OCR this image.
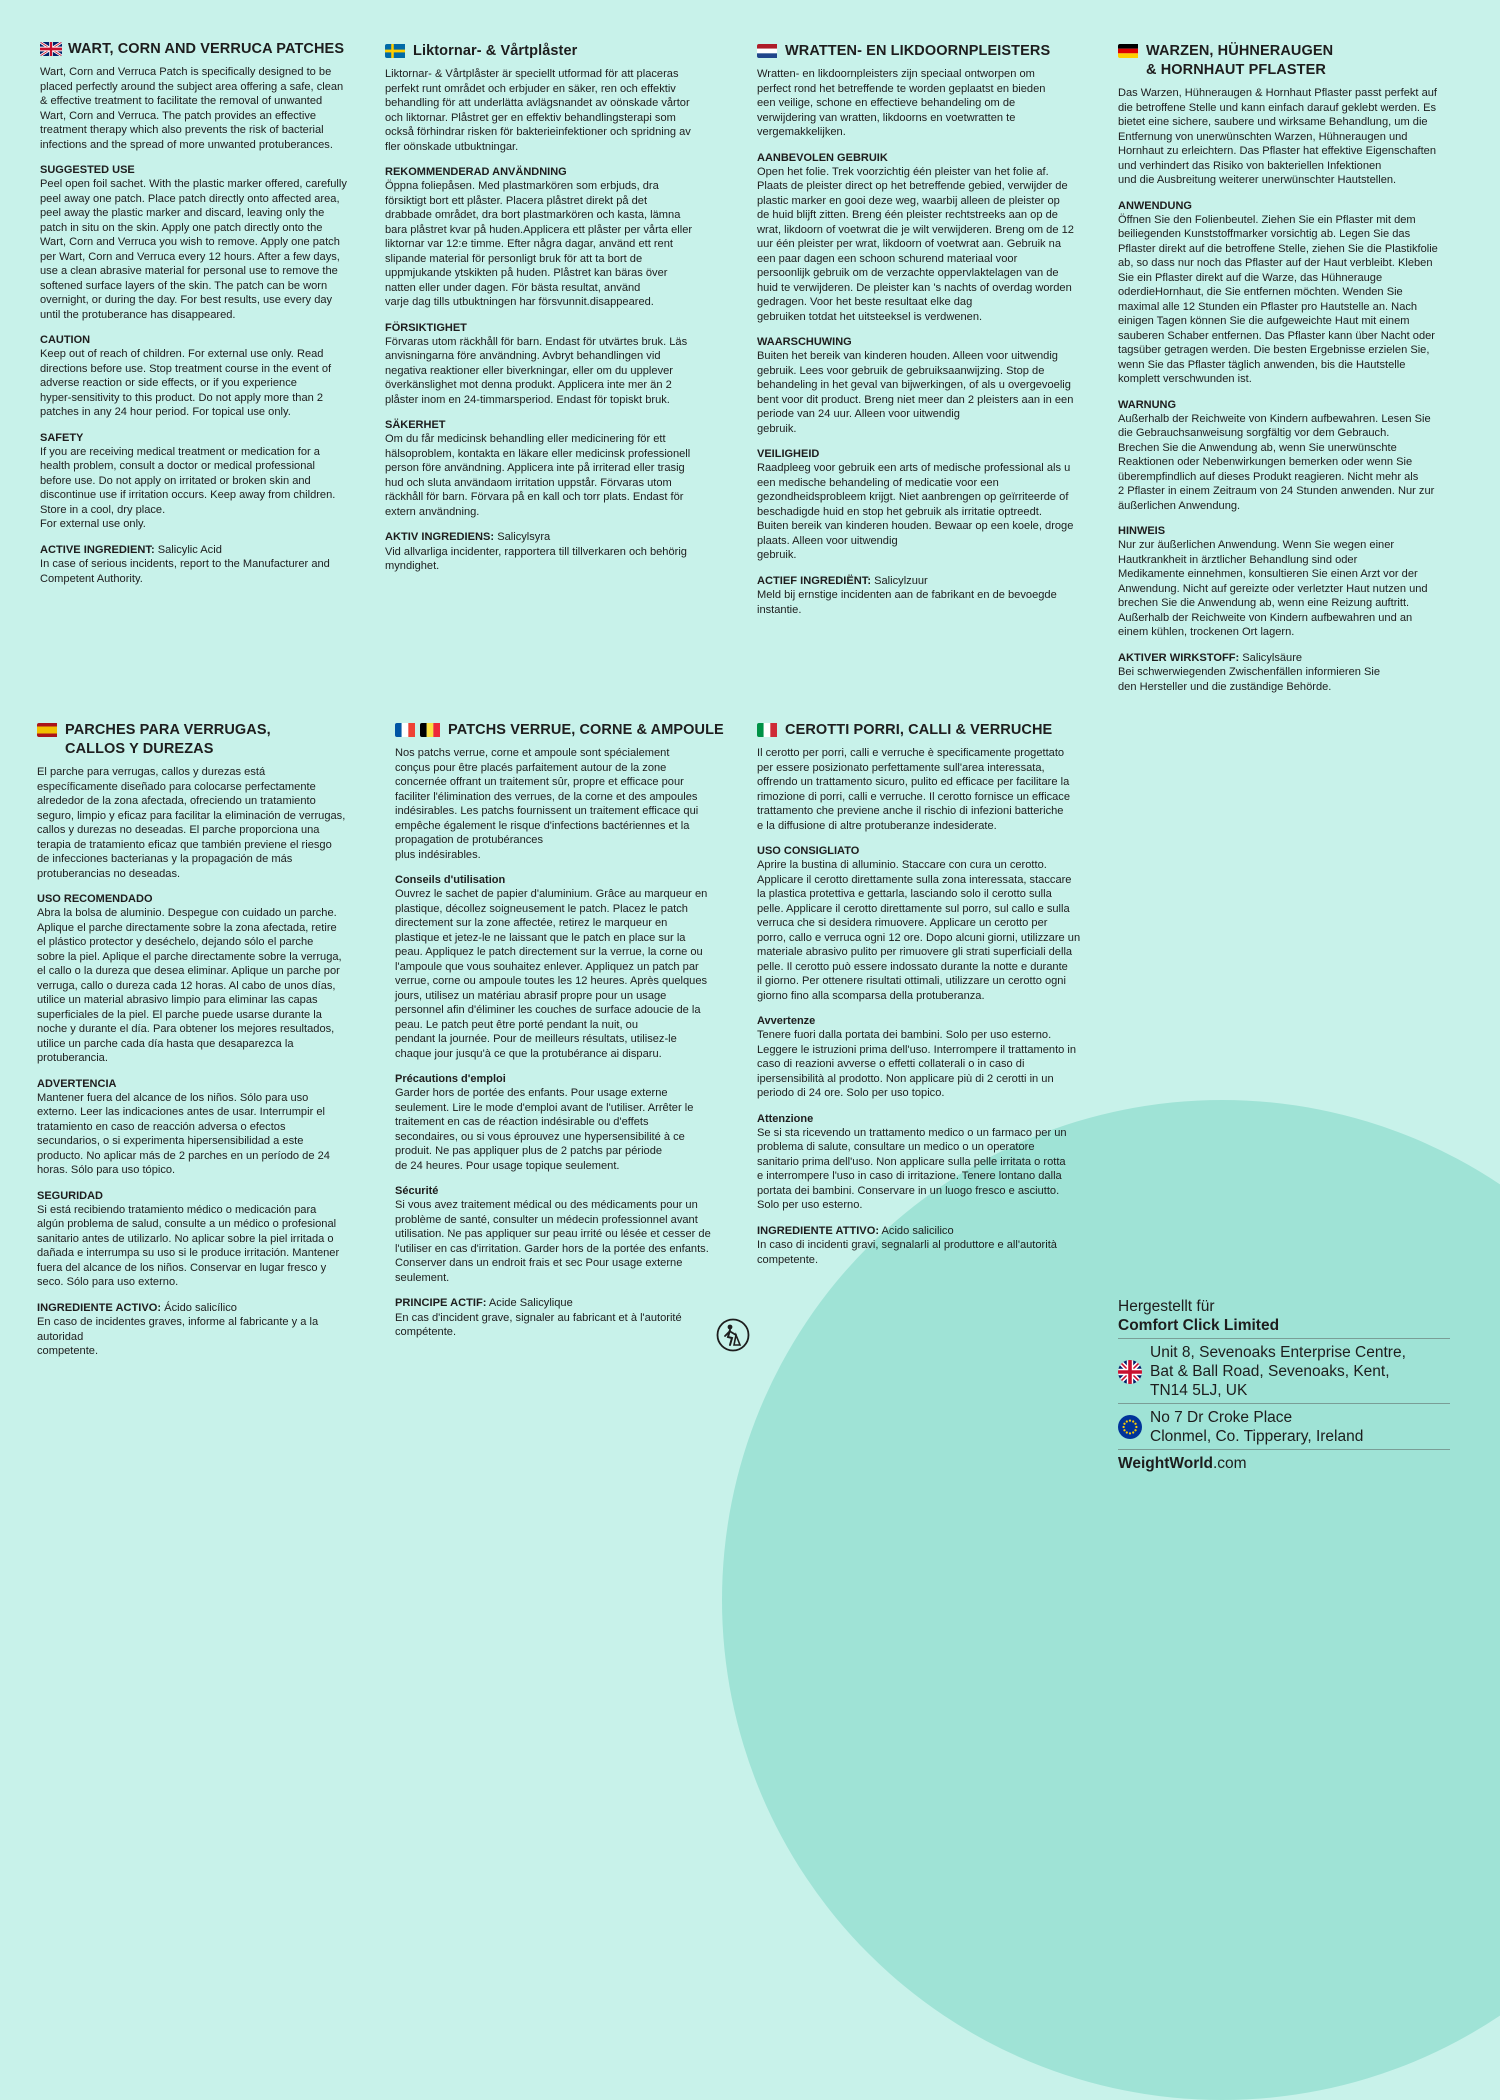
WART, CORN AND VERRUCA PATCHES

Wart, Corn and Verruca Patch is specifically designed to be
placed perfectly around the subject area offering a safe, clean
& effective treatment to facilitate the removal of unwanted
Wart, Corn and Verruca. The patch provides an effective
treatment therapy which also prevents the risk of bacterial
infections and the spread of more unwanted protuberances.

SUGGESTED USE

Peel open foil sachet. With the plastic marker offered, carefully
peel away one patch. Place patch directly onto affected area,
peel away the plastic marker and discard, leaving only the
patch in situ on the skin. Apply one patch directly onto the
Wart, Corn and Verruca you wish to remove. Apply one patch
per Wart, Corn and Verruca every 12 hours. After a few days,
use a clean abrasive material for personal use to remove the
softened surface layers of the skin. The patch can be worn
overnight, or during the day. For best results, use every day
until the protuberance has disappeared.

CAUTION

Keep out of reach of children. For external use only. Read
directions before use. Stop treatment course in the event of
adverse reaction or side effects, or if you experience
hyper-sensitivity to this product. Do not apply more than 2
patches in any 24 hour period. For topical use only.

SAFETY

If you are receiving medical treatment or medication for a
health problem, consult a doctor or medical professional
before use. Do not apply on irritated or broken skin and
discontinue use if irritation occurs. Keep away from children.
Store in a cool, dry place.
For external use only.

ACTIVE INGREDIENT: Salicylic Acid

In case of serious incidents, report to the Manufacturer and
Competent Authority.

Liktornar- & Vårtplåster

Liktornar- & Vårtplåster är speciellt utformad för att placeras
perfekt runt området och erbjuder en säker, ren och effektiv
behandling för att underlätta avlägsnandet av oönskade vårtor
och liktornar. Plåstret ger en effektiv behandlingsterapi som
också förhindrar risken för bakterieinfektioner och spridning av
fler oönskade utbuktningar.

REKOMMENDERAD ANVÄNDNING

Öppna foliepåsen. Med plastmarkören som erbjuds, dra
försiktigt bort ett plåster. Placera plåstret direkt på det
drabbade området, dra bort plastmarkören och kasta, lämna
bara plåstret kvar på huden.Applicera ett plåster per vårta eller
liktornar var 12:e timme. Efter några dagar, använd ett rent
slipande material för personligt bruk för att ta bort de
uppmjukande ytskikten på huden. Plåstret kan bäras över
natten eller under dagen. För bästa resultat, använd
varje dag tills utbuktningen har försvunnit.disappeared.

FÖRSIKTIGHET

Förvaras utom räckhåll för barn. Endast för utvärtes bruk. Läs
anvisningarna före användning. Avbryt behandlingen vid
negativa reaktioner eller biverkningar, eller om du upplever
överkänslighet mot denna produkt. Applicera inte mer än 2
plåster inom en 24-timmarsperiod. Endast för topiskt bruk.

SÄKERHET

Om du får medicinsk behandling eller medicinering för ett
hälsoproblem, kontakta en läkare eller medicinsk professionell
person före användning. Applicera inte på irriterad eller trasig
hud och sluta användaom irritation uppstår. Förvaras utom
räckhåll för barn. Förvara på en kall och torr plats. Endast för
extern användning.

AKTIV INGREDIENS: Salicylsyra

Vid allvarliga incidenter, rapportera till tillverkaren och behörig
myndighet.

WRATTEN- EN LIKDOORNPLEISTERS

Wratten- en likdoornpleisters zijn speciaal ontworpen om
perfect rond het betreffende te worden geplaatst en bieden
een veilige, schone en effectieve behandeling om de
verwijdering van wratten, likdoorns en voetwratten te
vergemakkelijken.

AANBEVOLEN GEBRUIK

Open het folie. Trek voorzichtig één pleister van het folie af.
Plaats de pleister direct op het betreffende gebied, verwijder de
plastic marker en gooi deze weg, waarbij alleen de pleister op
de huid blijft zitten. Breng één pleister rechtstreeks aan op de
wrat, likdoorn of voetwrat die je wilt verwijderen. Breng om de 12
uur één pleister per wrat, likdoorn of voetwrat aan. Gebruik na
een paar dagen een schoon schurend materiaal voor
persoonlijk gebruik om de verzachte oppervlaktelagen van de
huid te verwijderen. De pleister kan 's nachts of overdag worden
gedragen. Voor het beste resultaat elke dag
gebruiken totdat het uitsteeksel is verdwenen.

WAARSCHUWING

Buiten het bereik van kinderen houden. Alleen voor uitwendig
gebruik. Lees voor gebruik de gebruiksaanwijzing. Stop de
behandeling in het geval van bijwerkingen, of als u overgevoelig
bent voor dit product. Breng niet meer dan 2 pleisters aan in een
periode van 24 uur. Alleen voor uitwendig
gebruik.

VEILIGHEID

Raadpleeg voor gebruik een arts of medische professional als u
een medische behandeling of medicatie voor een
gezondheidsprobleem krijgt. Niet aanbrengen op geïrriteerde of
beschadigde huid en stop het gebruik als irritatie optreedt.
Buiten bereik van kinderen houden. Bewaar op een koele, droge
plaats. Alleen voor uitwendig
gebruik.

ACTIEF INGREDIËNT: Salicylzuur

Meld bij ernstige incidenten aan de fabrikant en de bevoegde
instantie.

WARZEN, HÜHNERAUGEN
& HORNHAUT PFLASTER

Das Warzen, Hühneraugen & Hornhaut Pflaster passt perfekt auf
die betroffene Stelle und kann einfach darauf geklebt werden. Es
bietet eine sichere, saubere und wirksame Behandlung, um die
Entfernung von unerwünschten Warzen, Hühneraugen und
Hornhaut zu erleichtern. Das Pflaster hat effektive Eigenschaften
und verhindert das Risiko von bakteriellen Infektionen
und die Ausbreitung weiterer unerwünschter Hautstellen.

ANWENDUNG

Öffnen Sie den Folienbeutel. Ziehen Sie ein Pflaster mit dem
beiliegenden Kunststoffmarker vorsichtig ab. Legen Sie das
Pflaster direkt auf die betroffene Stelle, ziehen Sie die Plastikfolie
ab, so dass nur noch das Pflaster auf der Haut verbleibt. Kleben
Sie ein Pflaster direkt auf die Warze, das Hühnerauge
oderdieHornhaut, die Sie entfernen möchten. Wenden Sie
maximal alle 12 Stunden ein Pflaster pro Hautstelle an. Nach
einigen Tagen können Sie die aufgeweichte Haut mit einem
sauberen Schaber entfernen. Das Pflaster kann über Nacht oder
tagsüber getragen werden. Die besten Ergebnisse erzielen Sie,
wenn Sie das Pflaster täglich anwenden, bis die Hautstelle
komplett verschwunden ist.

WARNUNG

Außerhalb der Reichweite von Kindern aufbewahren. Lesen Sie
die Gebrauchsanweisung sorgfältig vor dem Gebrauch.
Brechen Sie die Anwendung ab, wenn Sie unerwünschte
Reaktionen oder Nebenwirkungen bemerken oder wenn Sie
überempfindlich auf dieses Produkt reagieren. Nicht mehr als
2 Pflaster in einem Zeitraum von 24 Stunden anwenden. Nur zur
äußerlichen Anwendung.

HINWEIS

Nur zur äußerlichen Anwendung. Wenn Sie wegen einer
Hautkrankheit in ärztlicher Behandlung sind oder
Medikamente einnehmen, konsultieren Sie einen Arzt vor der
Anwendung. Nicht auf gereizte oder verletzter Haut nutzen und
brechen Sie die Anwendung ab, wenn eine Reizung auftritt.
Außerhalb der Reichweite von Kindern aufbewahren und an
einem kühlen, trockenen Ort lagern.

AKTIVER WIRKSTOFF: Salicylsäure

Bei schwerwiegenden Zwischenfällen informieren Sie
den Hersteller und die zuständige Behörde.

PARCHES PARA VERRUGAS,
CALLOS Y DUREZAS

El parche para verrugas, callos y durezas está
específicamente diseñado para colocarse perfectamente
alrededor de la zona afectada, ofreciendo un tratamiento
seguro, limpio y eficaz para facilitar la eliminación de verrugas,
callos y durezas no deseadas. El parche proporciona una
terapia de tratamiento eficaz que también previene el riesgo
de infecciones bacterianas y la propagación de más
protuberancias no deseadas.

USO RECOMENDADO

Abra la bolsa de aluminio. Despegue con cuidado un parche.
Aplique el parche directamente sobre la zona afectada, retire
el plástico protector y deséchelo, dejando sólo el parche
sobre la piel. Aplique el parche directamente sobre la verruga,
el callo o la dureza que desea eliminar. Aplique un parche por
verruga, callo o dureza cada 12 horas. Al cabo de unos días,
utilice un material abrasivo limpio para eliminar las capas
superficiales de la piel. El parche puede usarse durante la
noche y durante el día. Para obtener los mejores resultados,
utilice un parche cada día hasta que desaparezca la
protuberancia.

ADVERTENCIA

Mantener fuera del alcance de los niños. Sólo para uso
externo. Leer las indicaciones antes de usar. Interrumpir el
tratamiento en caso de reacción adversa o efectos
secundarios, o si experimenta hipersensibilidad a este
producto. No aplicar más de 2 parches en un período de 24
horas. Sólo para uso tópico.

SEGURIDAD

Si está recibiendo tratamiento médico o medicación para
algún problema de salud, consulte a un médico o profesional
sanitario antes de utilizarlo. No aplicar sobre la piel irritada o
dañada e interrumpa su uso si le produce irritación. Mantener
fuera del alcance de los niños. Conservar en lugar fresco y
seco. Sólo para uso externo.

INGREDIENTE ACTIVO: Ácido salicílico

En caso de incidentes graves, informe al fabricante y a la
autoridad
competente.

PATCHS VERRUE, CORNE & AMPOULE

Nos patchs verrue, corne et ampoule sont spécialement
conçus pour être placés parfaitement autour de la zone
concernée offrant un traitement sûr, propre et efficace pour
faciliter l'élimination des verrues, de la corne et des ampoules
indésirables. Les patchs fournissent un traitement efficace qui
empêche également le risque d'infections bactériennes et la
propagation de protubérances
plus indésirables.

Conseils d'utilisation

Ouvrez le sachet de papier d'aluminium. Grâce au marqueur en
plastique, décollez soigneusement le patch. Placez le patch
directement sur la zone affectée, retirez le marqueur en
plastique et jetez-le ne laissant que le patch en place sur la
peau. Appliquez le patch directement sur la verrue, la corne ou
l'ampoule que vous souhaitez enlever. Appliquez un patch par
verrue, corne ou ampoule toutes les 12 heures. Après quelques
jours, utilisez un matériau abrasif propre pour un usage
personnel afin d'éliminer les couches de surface adoucie de la
peau. Le patch peut être porté pendant la nuit, ou
pendant la journée. Pour de meilleurs résultats, utilisez-le
chaque jour jusqu'à ce que la protubérance ai disparu.

Précautions d'emploi

Garder hors de portée des enfants. Pour usage externe
seulement. Lire le mode d'emploi avant de l'utiliser. Arrêter le
traitement en cas de réaction indésirable ou d'effets
secondaires, ou si vous éprouvez une hypersensibilité à ce
produit. Ne pas appliquer plus de 2 patchs par période
de 24 heures. Pour usage topique seulement.

Sécurité

Si vous avez traitement médical ou des médicaments pour un
problème de santé, consulter un médecin professionnel avant
utilisation. Ne pas appliquer sur peau irrité ou lésée et cesser de
l'utiliser en cas d'irritation. Garder hors de la portée des enfants.
Conserver dans un endroit frais et sec Pour usage externe
seulement.

PRINCIPE ACTIF: Acide Salicylique

En cas d'incident grave, signaler au fabricant et à l'autorité
compétente.

CEROTTI PORRI, CALLI & VERRUCHE

Il cerotto per porri, calli e verruche è specificamente progettato
per essere posizionato perfettamente sull'area interessata,
offrendo un trattamento sicuro, pulito ed efficace per facilitare la
rimozione di porri, calli e verruche. Il cerotto fornisce un efficace
trattamento che previene anche il rischio di infezioni batteriche
e la diffusione di altre protuberanze indesiderate.

USO CONSIGLIATO

Aprire la bustina di alluminio. Staccare con cura un cerotto.
Applicare il cerotto direttamente sulla zona interessata, staccare
la plastica protettiva e gettarla, lasciando solo il cerotto sulla
pelle. Applicare il cerotto direttamente sul porro, sul callo e sulla
verruca che si desidera rimuovere. Applicare un cerotto per
porro, callo e verruca ogni 12 ore. Dopo alcuni giorni, utilizzare un
materiale abrasivo pulito per rimuovere gli strati superficiali della
pelle. Il cerotto può essere indossato durante la notte e durante
il giorno. Per ottenere risultati ottimali, utilizzare un cerotto ogni
giorno fino alla scomparsa della protuberanza.

Avvertenze

Tenere fuori dalla portata dei bambini. Solo per uso esterno.
Leggere le istruzioni prima dell'uso. Interrompere il trattamento in
caso di reazioni avverse o effetti collaterali o in caso di
ipersensibilità al prodotto. Non applicare più di 2 cerotti in un
periodo di 24 ore. Solo per uso topico.

Attenzione

Se si sta ricevendo un trattamento medico o un farmaco per un
problema di salute, consultare un medico o un operatore
sanitario prima dell'uso. Non applicare sulla pelle irritata o rotta
e interrompere l'uso in caso di irritazione. Tenere lontano dalla
portata dei bambini. Conservare in un luogo fresco e asciutto.
Solo per uso esterno.

INGREDIENTE ATTIVO: Acido salicilico

In caso di incidenti gravi, segnalarli al produttore e all'autorità
competente.

Hergestellt für
Comfort Click Limited
Unit 8, Sevenoaks Enterprise Centre,
Bat & Ball Road, Sevenoaks, Kent,
TN14 5LJ, UK
No 7 Dr Croke Place
Clonmel, Co. Tipperary, Ireland
WeightWorld.com
